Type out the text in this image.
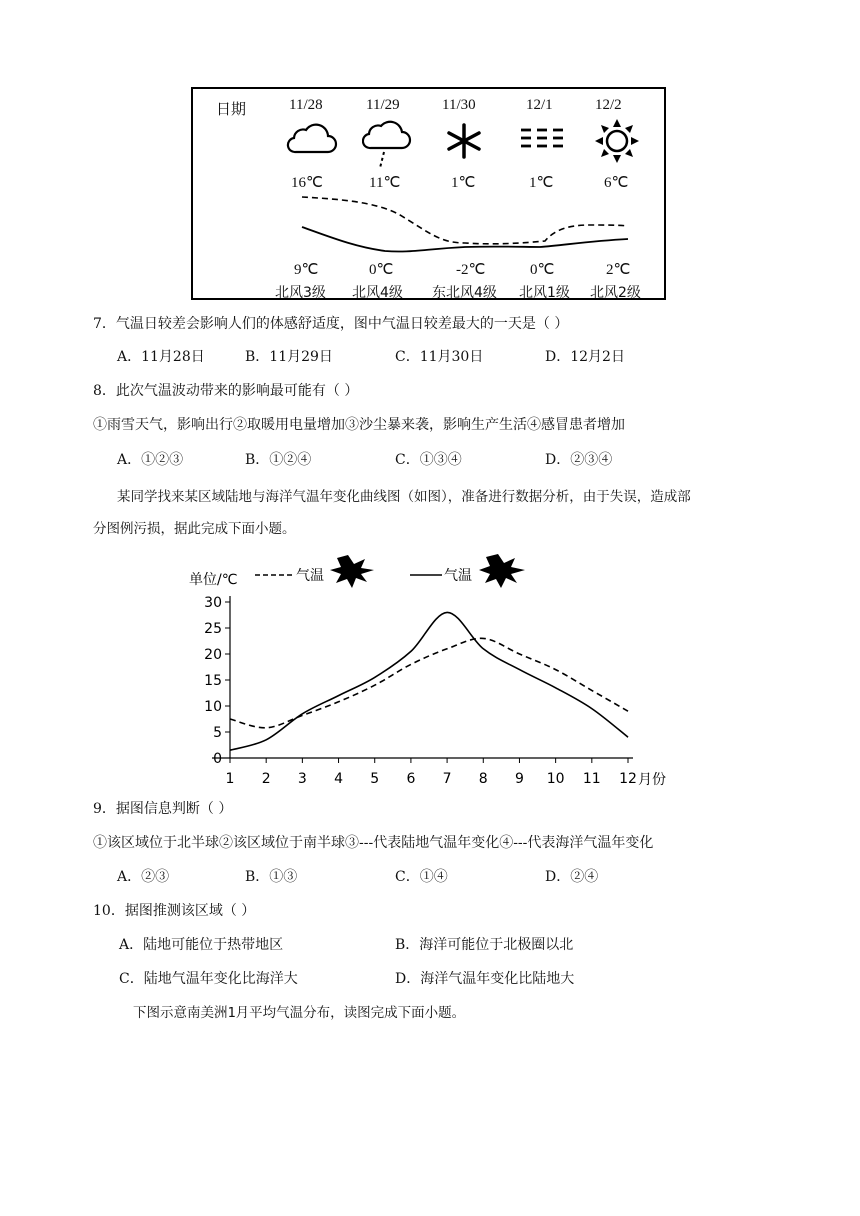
日期	11/28	11/29	11/30	12/1	12/2
16℃	11℃	1℃	1℃	6℃
9℃	0℃	-2℃	0℃	2℃
北风3级 北风4级 东北风4级 北风1级 北风2级
7．气温日较差会影响人们的体感舒适度，图中气温日较差最大的一天是（ ）
A．11月28日	B．11月29日	C．11月30日	D．12月2日
8．此次气温波动带来的影响最可能有（ ）
①雨雪天气，影响出行②取暖用电量增加③沙尘暴来袭，影响生产生活④感冒患者增加
A．①②③	B．①②④	C．①③④	D．②③④
某同学找来某区域陆地与海洋气温年变化曲线图（如图），准备进行数据分析，由于失误，造成部
分图例污损，据此完成下面小题。
单位/℃	气温	气温
0
5
10
15
20
25
30
1 2 3 4 5 6 7 8 9 10 11 12 月份
9．据图信息判断（ ）
①该区域位于北半球②该区域位于南半球③---代表陆地气温年变化④---代表海洋气温年变化
A．②③	B．①③	C．①④	D．②④
10．据图推测该区域（ ）
A．陆地可能位于热带地区	B．海洋可能位于北极圈以北
C．陆地气温年变化比海洋大	D．海洋气温年变化比陆地大
下图示意南美洲1月平均气温分布，读图完成下面小题。
